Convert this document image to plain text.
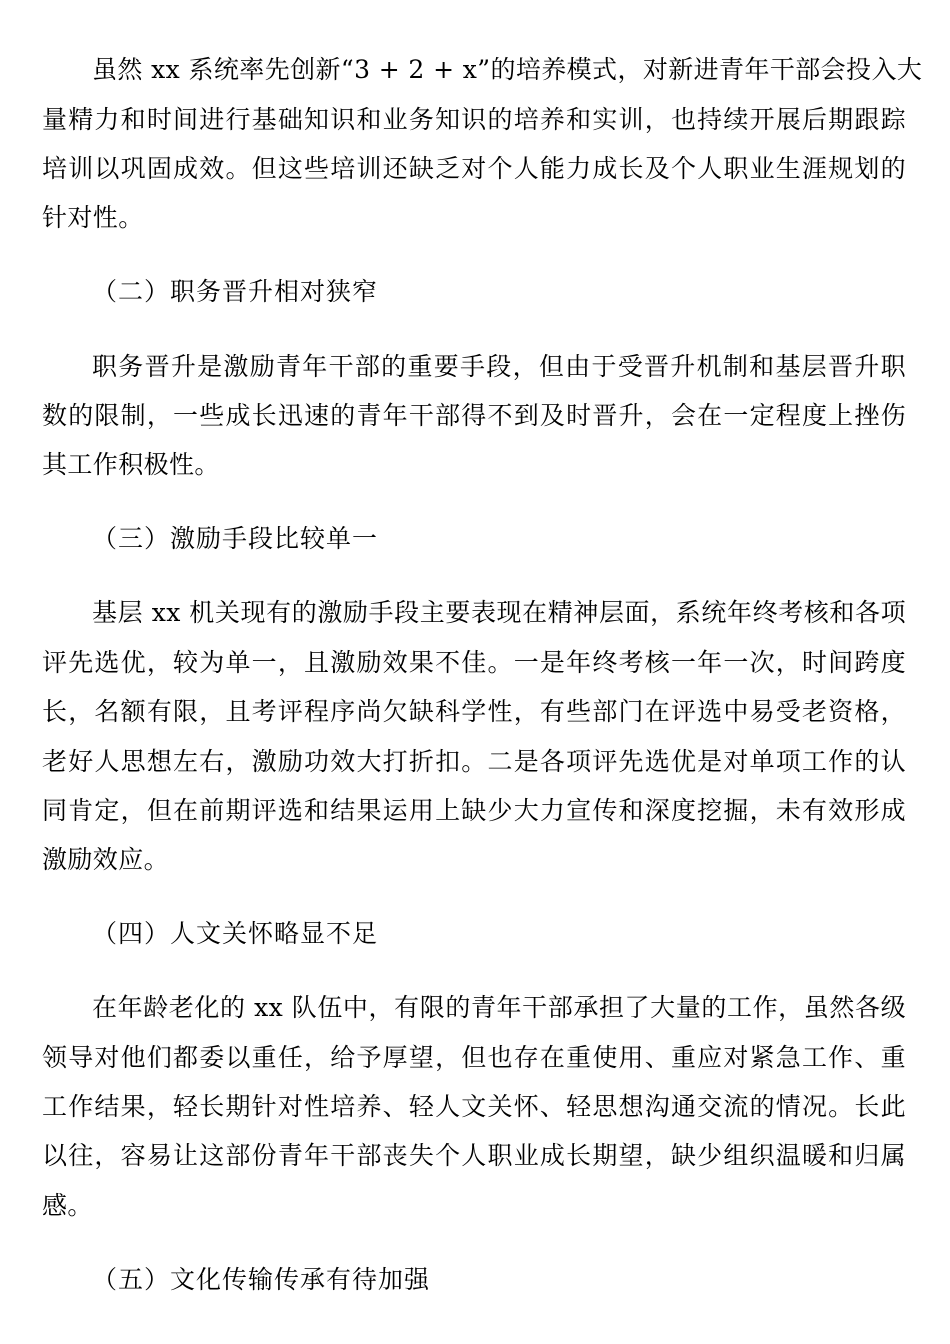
虽然 xx 系统率先创新“3 + 2 + x”的培养模式，对新进青年干部会投入大
量精力和时间进行基础知识和业务知识的培养和实训，也持续开展后期跟踪
培训以巩固成效。但这些培训还缺乏对个人能力成长及个人职业生涯规划的
针对性。
（二）职务晋升相对狭窄
职务晋升是激励青年干部的重要手段，但由于受晋升机制和基层晋升职
数的限制，一些成长迅速的青年干部得不到及时晋升，会在一定程度上挫伤
其工作积极性。
（三）激励手段比较单一
基层 xx 机关现有的激励手段主要表现在精神层面，系统年终考核和各项
评先选优，较为单一，且激励效果不佳。一是年终考核一年一次，时间跨度
长，名额有限，且考评程序尚欠缺科学性，有些部门在评选中易受老资格，
老好人思想左右，激励功效大打折扣。二是各项评先选优是对单项工作的认
同肯定，但在前期评选和结果运用上缺少大力宣传和深度挖掘，未有效形成
激励效应。
（四）人文关怀略显不足
在年龄老化的 xx 队伍中，有限的青年干部承担了大量的工作，虽然各级
领导对他们都委以重任，给予厚望，但也存在重使用、重应对紧急工作、重
工作结果，轻长期针对性培养、轻人文关怀、轻思想沟通交流的情况。长此
以往，容易让这部份青年干部丧失个人职业成长期望，缺少组织温暖和归属
感。
（五）文化传输传承有待加强
